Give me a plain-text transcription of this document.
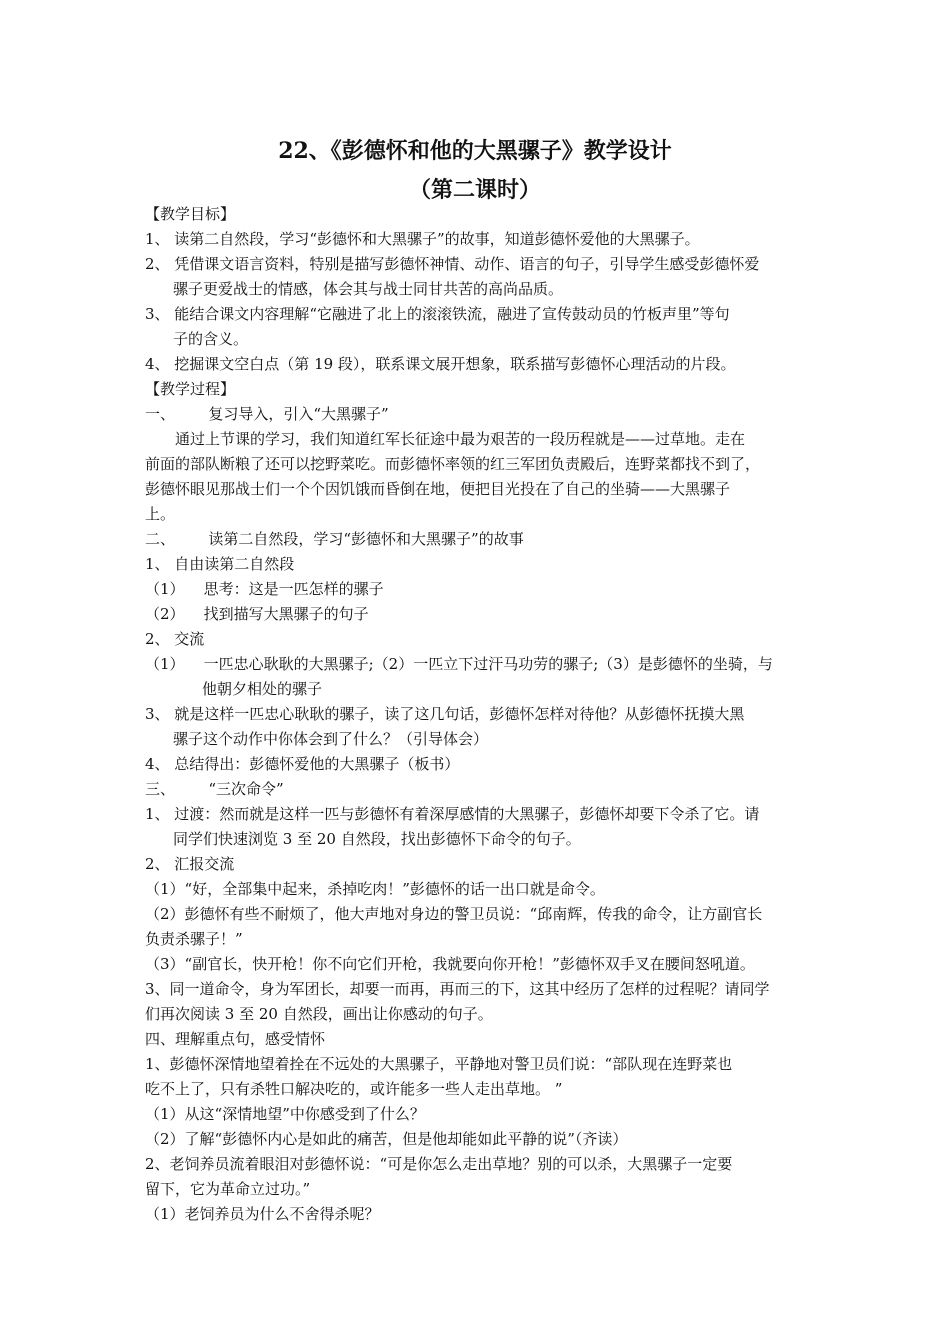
22、《彭德怀和他的大黑骡子》教学设计
（第二课时）
【教学目标】
1、 读第二自然段，学习“彭德怀和大黑骡子”的故事，知道彭德怀爱他的大黑骡子。
2、 凭借课文语言资料，特别是描写彭德怀神情、动作、语言的句子，引导学生感受彭德怀爱
骡子更爱战士的情感，体会其与战士同甘共苦的高尚品质。
3、 能结合课文内容理解“它融进了北上的滚滚铁流，融进了宣传鼓动员的竹板声里”等句
子的含义。
4、 挖掘课文空白点（第 19 段），联系课文展开想象，联系描写彭德怀心理活动的片段。
【教学过程】
一、       复习导入，引入“大黑骡子”
通过上节课的学习，我们知道红军长征途中最为艰苦的一段历程就是——过草地。走在
前面的部队断粮了还可以挖野菜吃。而彭德怀率领的红三军团负责殿后，连野菜都找不到了，
彭德怀眼见那战士们一个个因饥饿而昏倒在地，便把目光投在了自己的坐骑——大黑骡子
上。
二、       读第二自然段，学习“彭德怀和大黑骡子”的故事
1、 自由读第二自然段
（1）    思考：这是一匹怎样的骡子
（2）    找到描写大黑骡子的句子
2、 交流
（1）    一匹忠心耿耿的大黑骡子;（2）一匹立下过汗马功劳的骡子;（3）是彭德怀的坐骑，与
他朝夕相处的骡子
3、 就是这样一匹忠心耿耿的骡子，读了这几句话，彭德怀怎样对待他？从彭德怀抚摸大黑
骡子这个动作中你体会到了什么？（引导体会）
4、 总结得出：彭德怀爱他的大黑骡子（板书）
三、       “三次命令”
1、 过渡：然而就是这样一匹与彭德怀有着深厚感情的大黑骡子，彭德怀却要下令杀了它。请
同学们快速浏览 3 至 20 自然段，找出彭德怀下命令的句子。
2、 汇报交流
（1）“好，全部集中起来，杀掉吃肉！”彭德怀的话一出口就是命令。
（2）彭德怀有些不耐烦了，他大声地对身边的警卫员说：“邱南辉，传我的命令，让方副官长
负责杀骡子！”
（3）“副官长，快开枪！你不向它们开枪，我就要向你开枪！”彭德怀双手叉在腰间怒吼道。
3、同一道命令，身为军团长，却要一而再，再而三的下，这其中经历了怎样的过程呢？请同学
们再次阅读 3 至 20 自然段，画出让你感动的句子。
四、理解重点句，感受情怀
1、彭德怀深情地望着拴在不远处的大黑骡子，平静地对警卫员们说：“部队现在连野菜也
吃不上了，只有杀牲口解决吃的，或许能多一些人走出草地。 ”
（1）从这“深情地望”中你感受到了什么？
（2）了解“彭德怀内心是如此的痛苦，但是他却能如此平静的说”（齐读）
2、老饲养员流着眼泪对彭德怀说：“可是你怎么走出草地？别的可以杀，大黑骡子一定要
留下，它为革命立过功。”
（1）老饲养员为什么不舍得杀呢？
